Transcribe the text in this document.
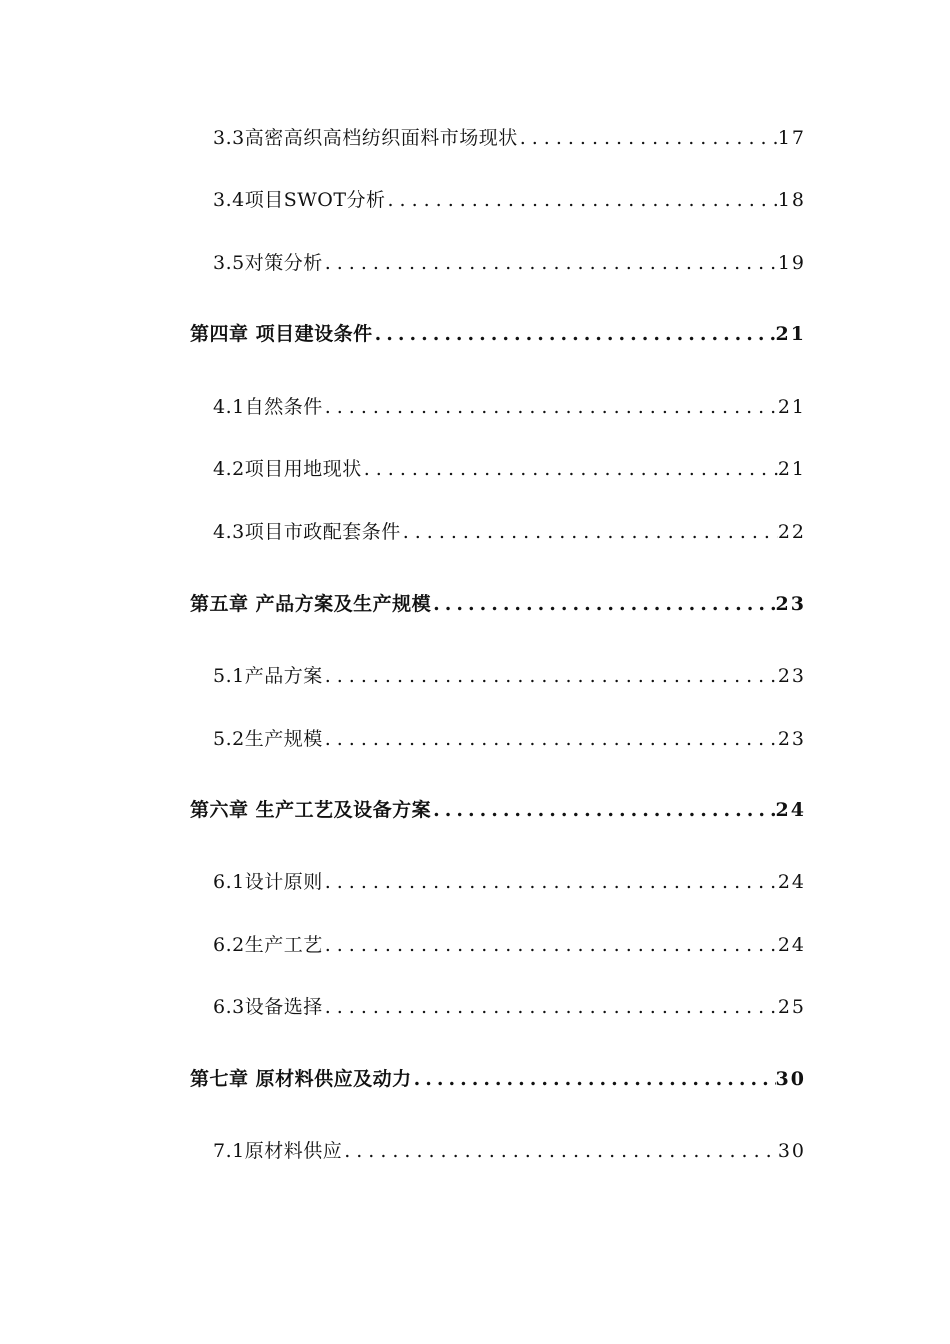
3.3高密高织高档纺织面料市场现状 .....	17
3.4项目SWOT分析 .....	18
3.5对策分析 .....	19
第四章 项目建设条件 .....	21
4.1自然条件 .....	21
4.2项目用地现状 .....	21
4.3项目市政配套条件 .....	22
第五章 产品方案及生产规模 .....	23
5.1产品方案 .....	23
5.2生产规模 .....	23
第六章 生产工艺及设备方案 .....	24
6.1设计原则 .....	24
6.2生产工艺 .....	24
6.3设备选择 .....	25
第七章 原材料供应及动力 .....	30
7.1原材料供应 .....	30
